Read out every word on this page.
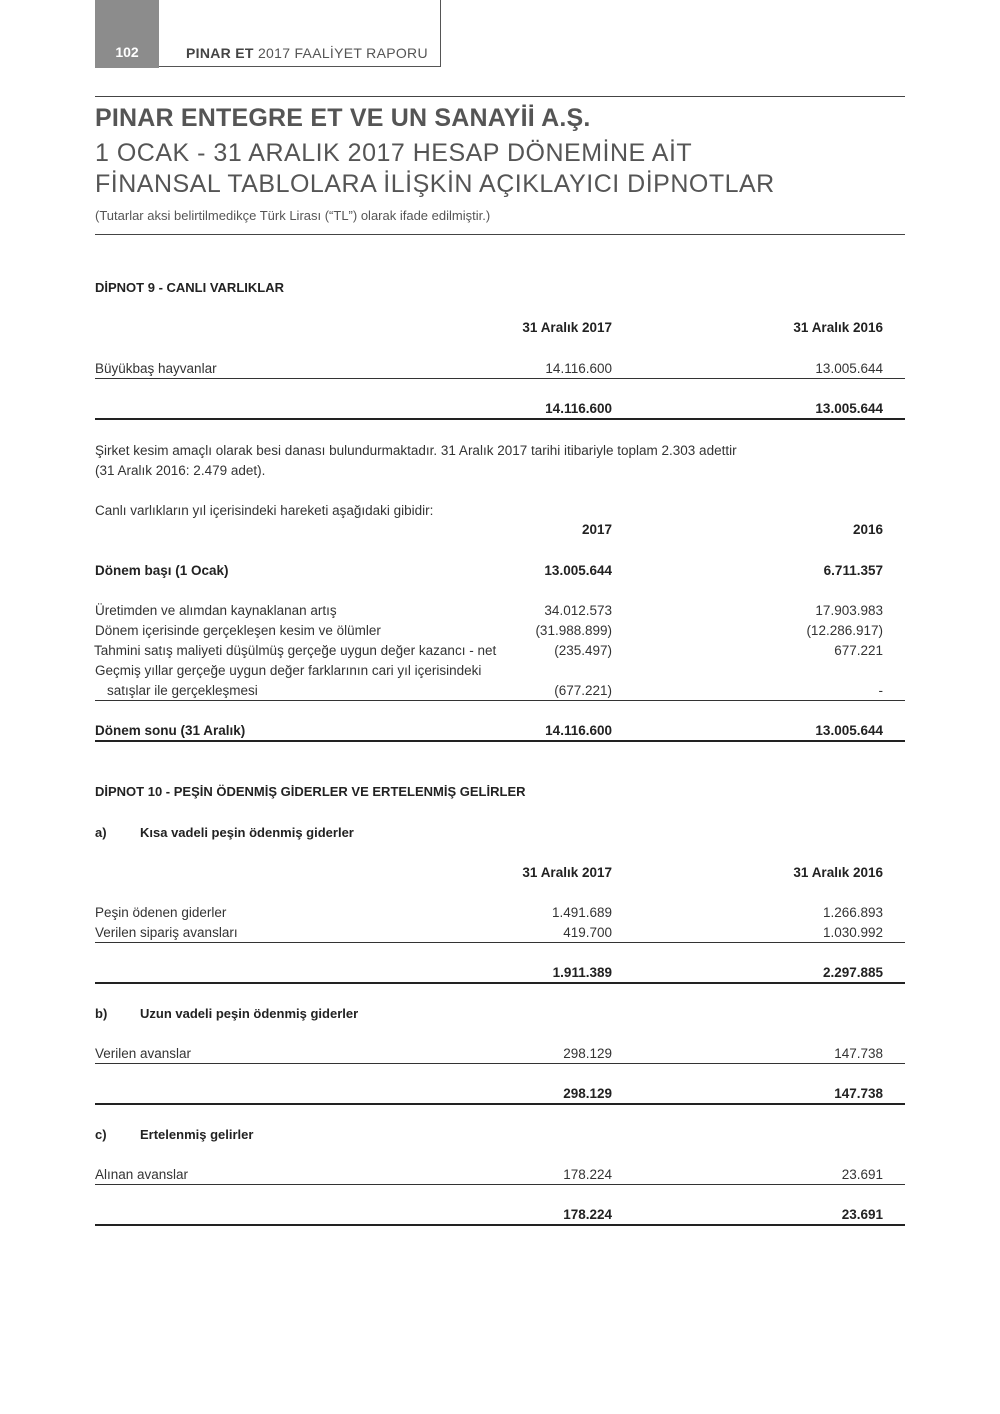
102	PINAR ET 2017 FAALİYET RAPORU
PINAR ENTEGRE ET VE UN SANAYİİ A.Ş.
1 OCAK - 31 ARALIK 2017 HESAP DÖNEMİNE AİT
FİNANSAL TABLOLARA İLİŞKİN AÇIKLAYICI DİPNOTLAR
(Tutarlar aksi belirtilmedikçe Türk Lirası (“TL”) olarak ifade edilmiştir.)
DİPNOT 9 - CANLI VARLIKLAR
31 Aralık 2017	31 Aralık 2016
Büyükbaş hayvanlar	14.116.600	13.005.644
14.116.600	13.005.644
Şirket kesim amaçlı olarak besi danası bulundurmaktadır. 31 Aralık 2017 tarihi itibariyle toplam 2.303 adettir
(31 Aralık 2016: 2.479 adet).
Canlı varlıkların yıl içerisindeki hareketi aşağıdaki gibidir:
2017	2016
Dönem başı (1 Ocak)	13.005.644	6.711.357
Üretimden ve alımdan kaynaklanan artış	34.012.573	17.903.983
Dönem içerisinde gerçekleşen kesim ve ölümler	(31.988.899)	(12.286.917)
Tahmini satış maliyeti düşülmüş gerçeğe uygun değer kazancı - net	(235.497)	677.221
Geçmiş yıllar gerçeğe uygun değer farklarının cari yıl içerisindeki
satışlar ile gerçekleşmesi	(677.221)	-
Dönem sonu (31 Aralık)	14.116.600	13.005.644
DİPNOT 10 - PEŞİN ÖDENMİŞ GİDERLER VE ERTELENMİŞ GELİRLER
a)	Kısa vadeli peşin ödenmiş giderler
31 Aralık 2017	31 Aralık 2016
Peşin ödenen giderler	1.491.689	1.266.893
Verilen sipariş avansları	419.700	1.030.992
1.911.389	2.297.885
b)	Uzun vadeli peşin ödenmiş giderler
Verilen avanslar	298.129	147.738
298.129	147.738
c)	Ertelenmiş gelirler
Alınan avanslar	178.224	23.691
178.224	23.691
